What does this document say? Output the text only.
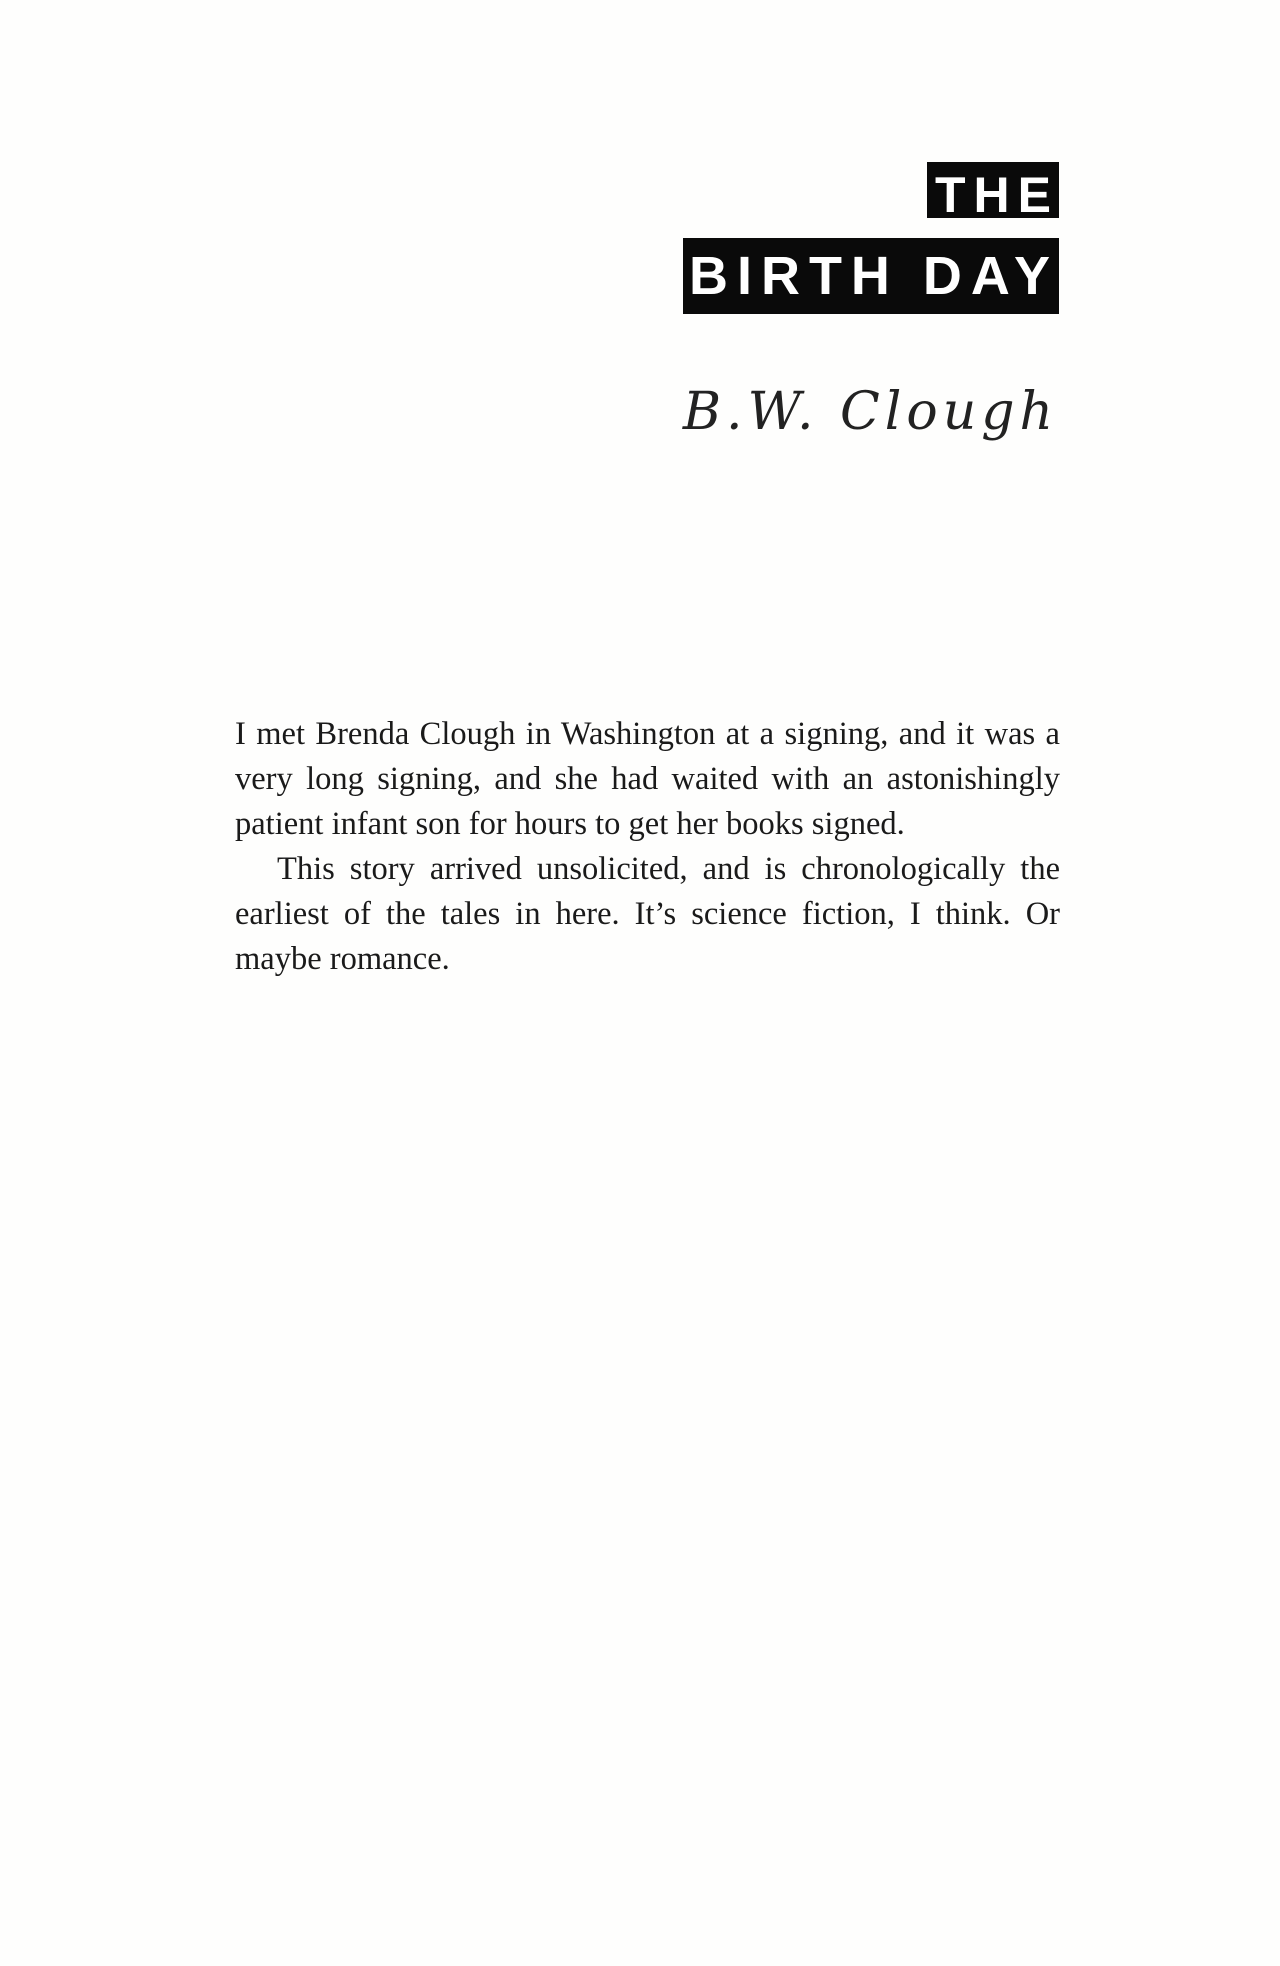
THE
BIRTH DAY
B.W. Clough

I met Brenda Clough in Washington at a signing, and it was a very long signing, and she had waited with an astonishingly patient infant son for hours to get her books signed.

This story arrived unsolicited, and is chronologically the earliest of the tales in here. It’s science fiction, I think. Or maybe romance.
